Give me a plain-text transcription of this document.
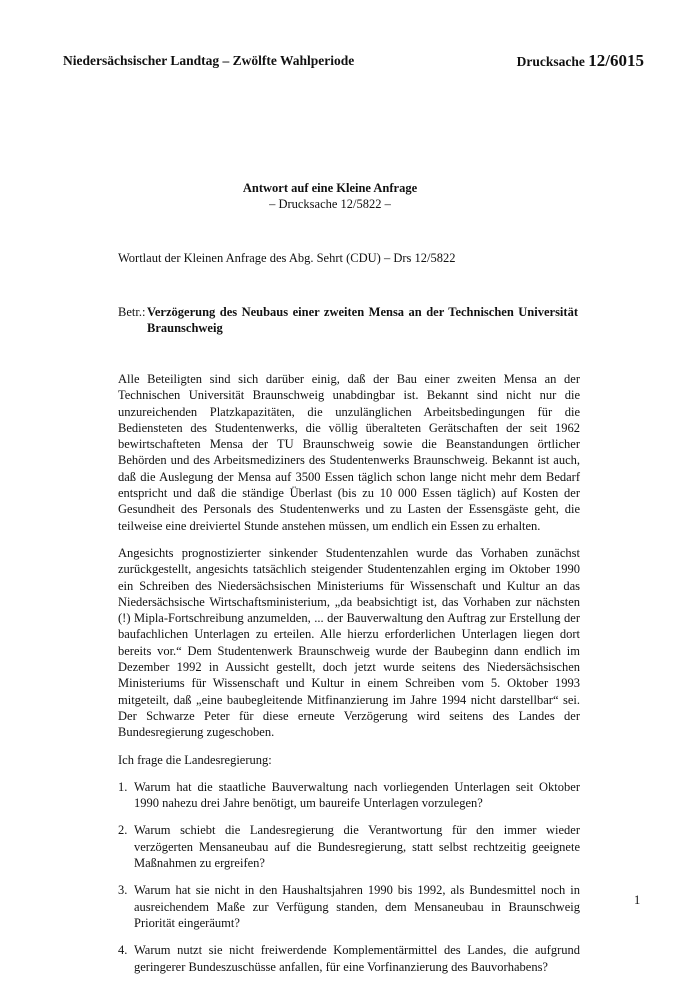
Niedersächsischer Landtag – Zwölfte Wahlperiode	Drucksache 12/6015
Antwort auf eine Kleine Anfrage
– Drucksache 12/5822 –
Wortlaut der Kleinen Anfrage des Abg. Sehrt (CDU) – Drs 12/5822
Betr.: Verzögerung des Neubaus einer zweiten Mensa an der Technischen Universität Braunschweig

Alle Beteiligten sind sich darüber einig, daß der Bau einer zweiten Mensa an der Technischen Universität Braunschweig unabdingbar ist. Bekannt sind nicht nur die unzureichenden Platzkapazitäten, die unzulänglichen Arbeitsbedingungen für die Bediensteten des Studentenwerks, die völlig überalteten Gerätschaften der seit 1962 bewirtschafteten Mensa der TU Braunschweig sowie die Beanstandungen örtlicher Behörden und des Arbeitsmediziners des Studentenwerks Braunschweig. Bekannt ist auch, daß die Auslegung der Mensa auf 3500 Essen täglich schon lange nicht mehr dem Bedarf entspricht und daß die ständige Überlast (bis zu 10 000 Essen täglich) auf Kosten der Gesundheit des Personals des Studentenwerks und zu Lasten der Essensgäste geht, die teilweise eine dreiviertel Stunde anstehen müssen, um endlich ein Essen zu erhalten.

Angesichts prognostizierter sinkender Studentenzahlen wurde das Vorhaben zunächst zurückgestellt, angesichts tatsächlich steigender Studentenzahlen erging im Oktober 1990 ein Schreiben des Niedersächsischen Ministeriums für Wissenschaft und Kultur an das Niedersächsische Wirtschaftsministerium, „da beabsichtigt ist, das Vorhaben zur nächsten (!) Mipla-Fortschreibung anzumelden, ... der Bauverwaltung den Auftrag zur Erstellung der baufachlichen Unterlagen zu erteilen. Alle hierzu erforderlichen Unterlagen liegen dort bereits vor.“ Dem Studentenwerk Braunschweig wurde der Baubeginn dann endlich im Dezember 1992 in Aussicht gestellt, doch jetzt wurde seitens des Niedersächsischen Ministeriums für Wissenschaft und Kultur in einem Schreiben vom 5. Oktober 1993 mitgeteilt, daß „eine baubegleitende Mitfinanzierung im Jahre 1994 nicht darstellbar“ sei. Der Schwarze Peter für diese erneute Verzögerung wird seitens des Landes der Bundesregierung zugeschoben.

Ich frage die Landesregierung:
1. Warum hat die staatliche Bauverwaltung nach vorliegenden Unterlagen seit Oktober 1990 nahezu drei Jahre benötigt, um baureife Unterlagen vorzulegen?
2. Warum schiebt die Landesregierung die Verantwortung für den immer wieder verzögerten Mensaneubau auf die Bundesregierung, statt selbst rechtzeitig geeignete Maßnahmen zu ergreifen?
3. Warum hat sie nicht in den Haushaltsjahren 1990 bis 1992, als Bundesmittel noch in ausreichendem Maße zur Verfügung standen, dem Mensaneubau in Braunschweig Priorität eingeräumt?
4. Warum nutzt sie nicht freiwerdende Komplementärmittel des Landes, die aufgrund geringerer Bundeszuschüsse anfallen, für eine Vorfinanzierung des Bauvorhabens?
1
